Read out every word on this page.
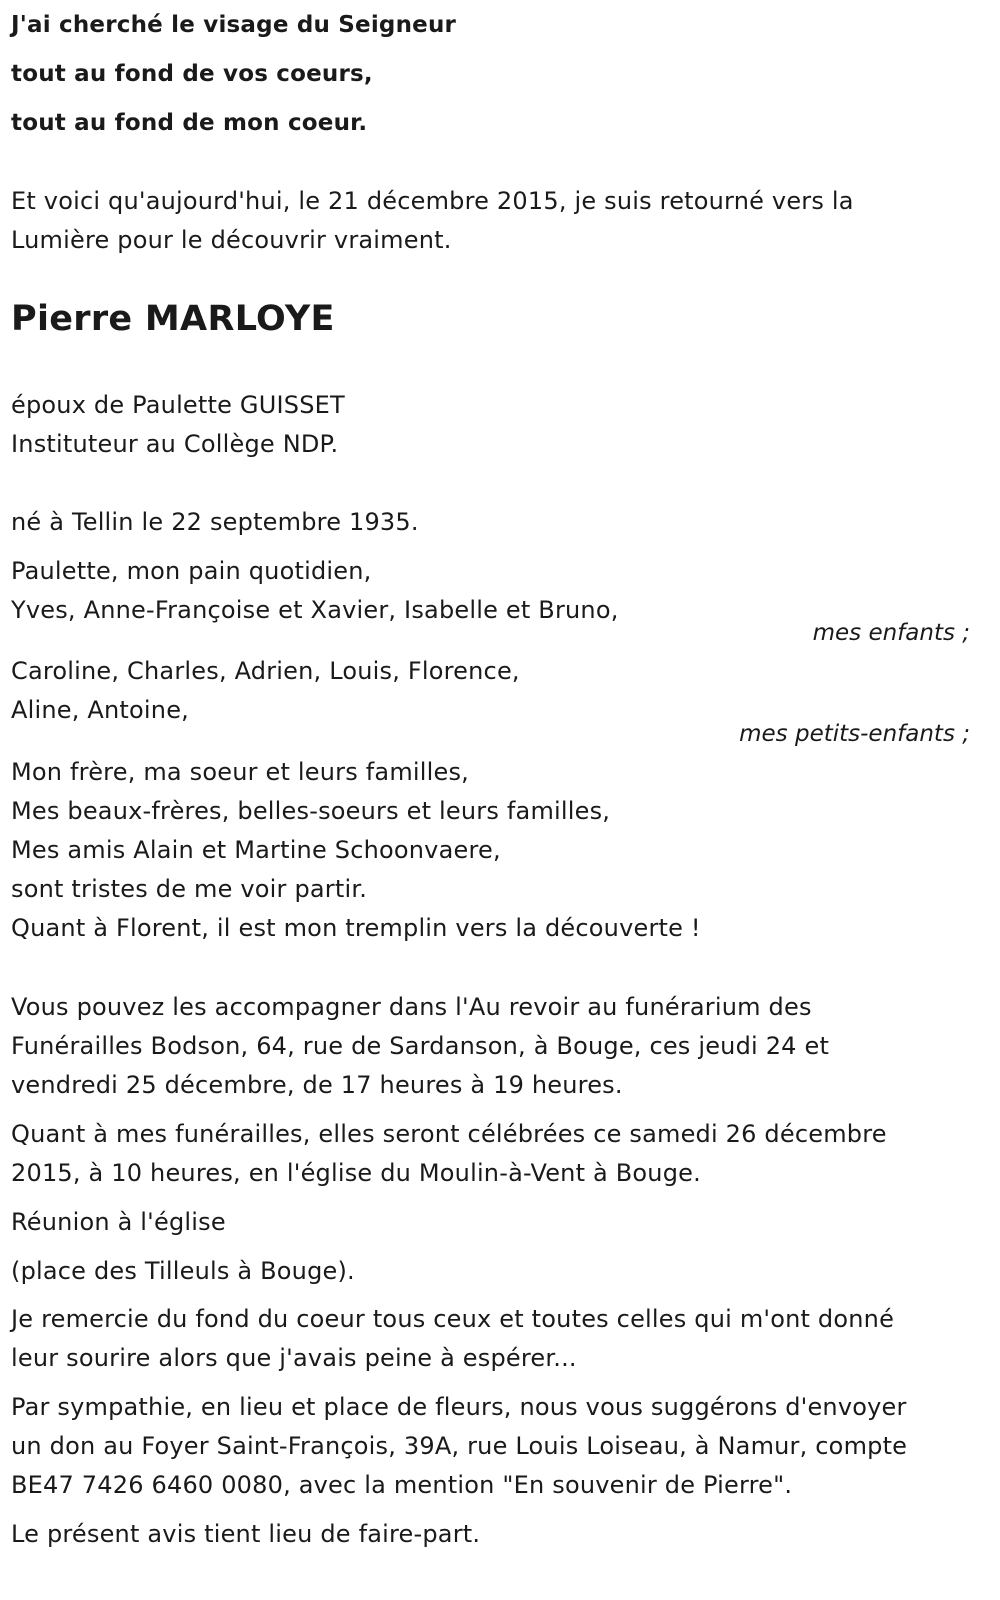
J'ai cherché le visage du Seigneur
tout au fond de vos coeurs,
tout au fond de mon coeur.
Et voici qu'aujourd'hui, le 21 décembre 2015, je suis retourné vers la
Lumière pour le découvrir vraiment.
Pierre MARLOYE
époux de Paulette GUISSET
Instituteur au Collège NDP.
né à Tellin le 22 septembre 1935.
Paulette, mon pain quotidien,
Yves, Anne-Françoise et Xavier, Isabelle et Bruno,
mes enfants ;
Caroline, Charles, Adrien, Louis, Florence,
Aline, Antoine,
mes petits-enfants ;
Mon frère, ma soeur et leurs familles,
Mes beaux-frères, belles-soeurs et leurs familles,
Mes amis Alain et Martine Schoonvaere,
sont tristes de me voir partir.
Quant à Florent, il est mon tremplin vers la découverte !
Vous pouvez les accompagner dans l'Au revoir au funérarium des
Funérailles Bodson, 64, rue de Sardanson, à Bouge, ces jeudi 24 et
vendredi 25 décembre, de 17 heures à 19 heures.
Quant à mes funérailles, elles seront célébrées ce samedi 26 décembre
2015, à 10 heures, en l'église du Moulin-à-Vent à Bouge.
Réunion à l'église
(place des Tilleuls à Bouge).
Je remercie du fond du coeur tous ceux et toutes celles qui m'ont donné
leur sourire alors que j'avais peine à espérer...
Par sympathie, en lieu et place de fleurs, nous vous suggérons d'envoyer
un don au Foyer Saint-François, 39A, rue Louis Loiseau, à Namur, compte
BE47 7426 6460 0080, avec la mention "En souvenir de Pierre".
Le présent avis tient lieu de faire-part.
